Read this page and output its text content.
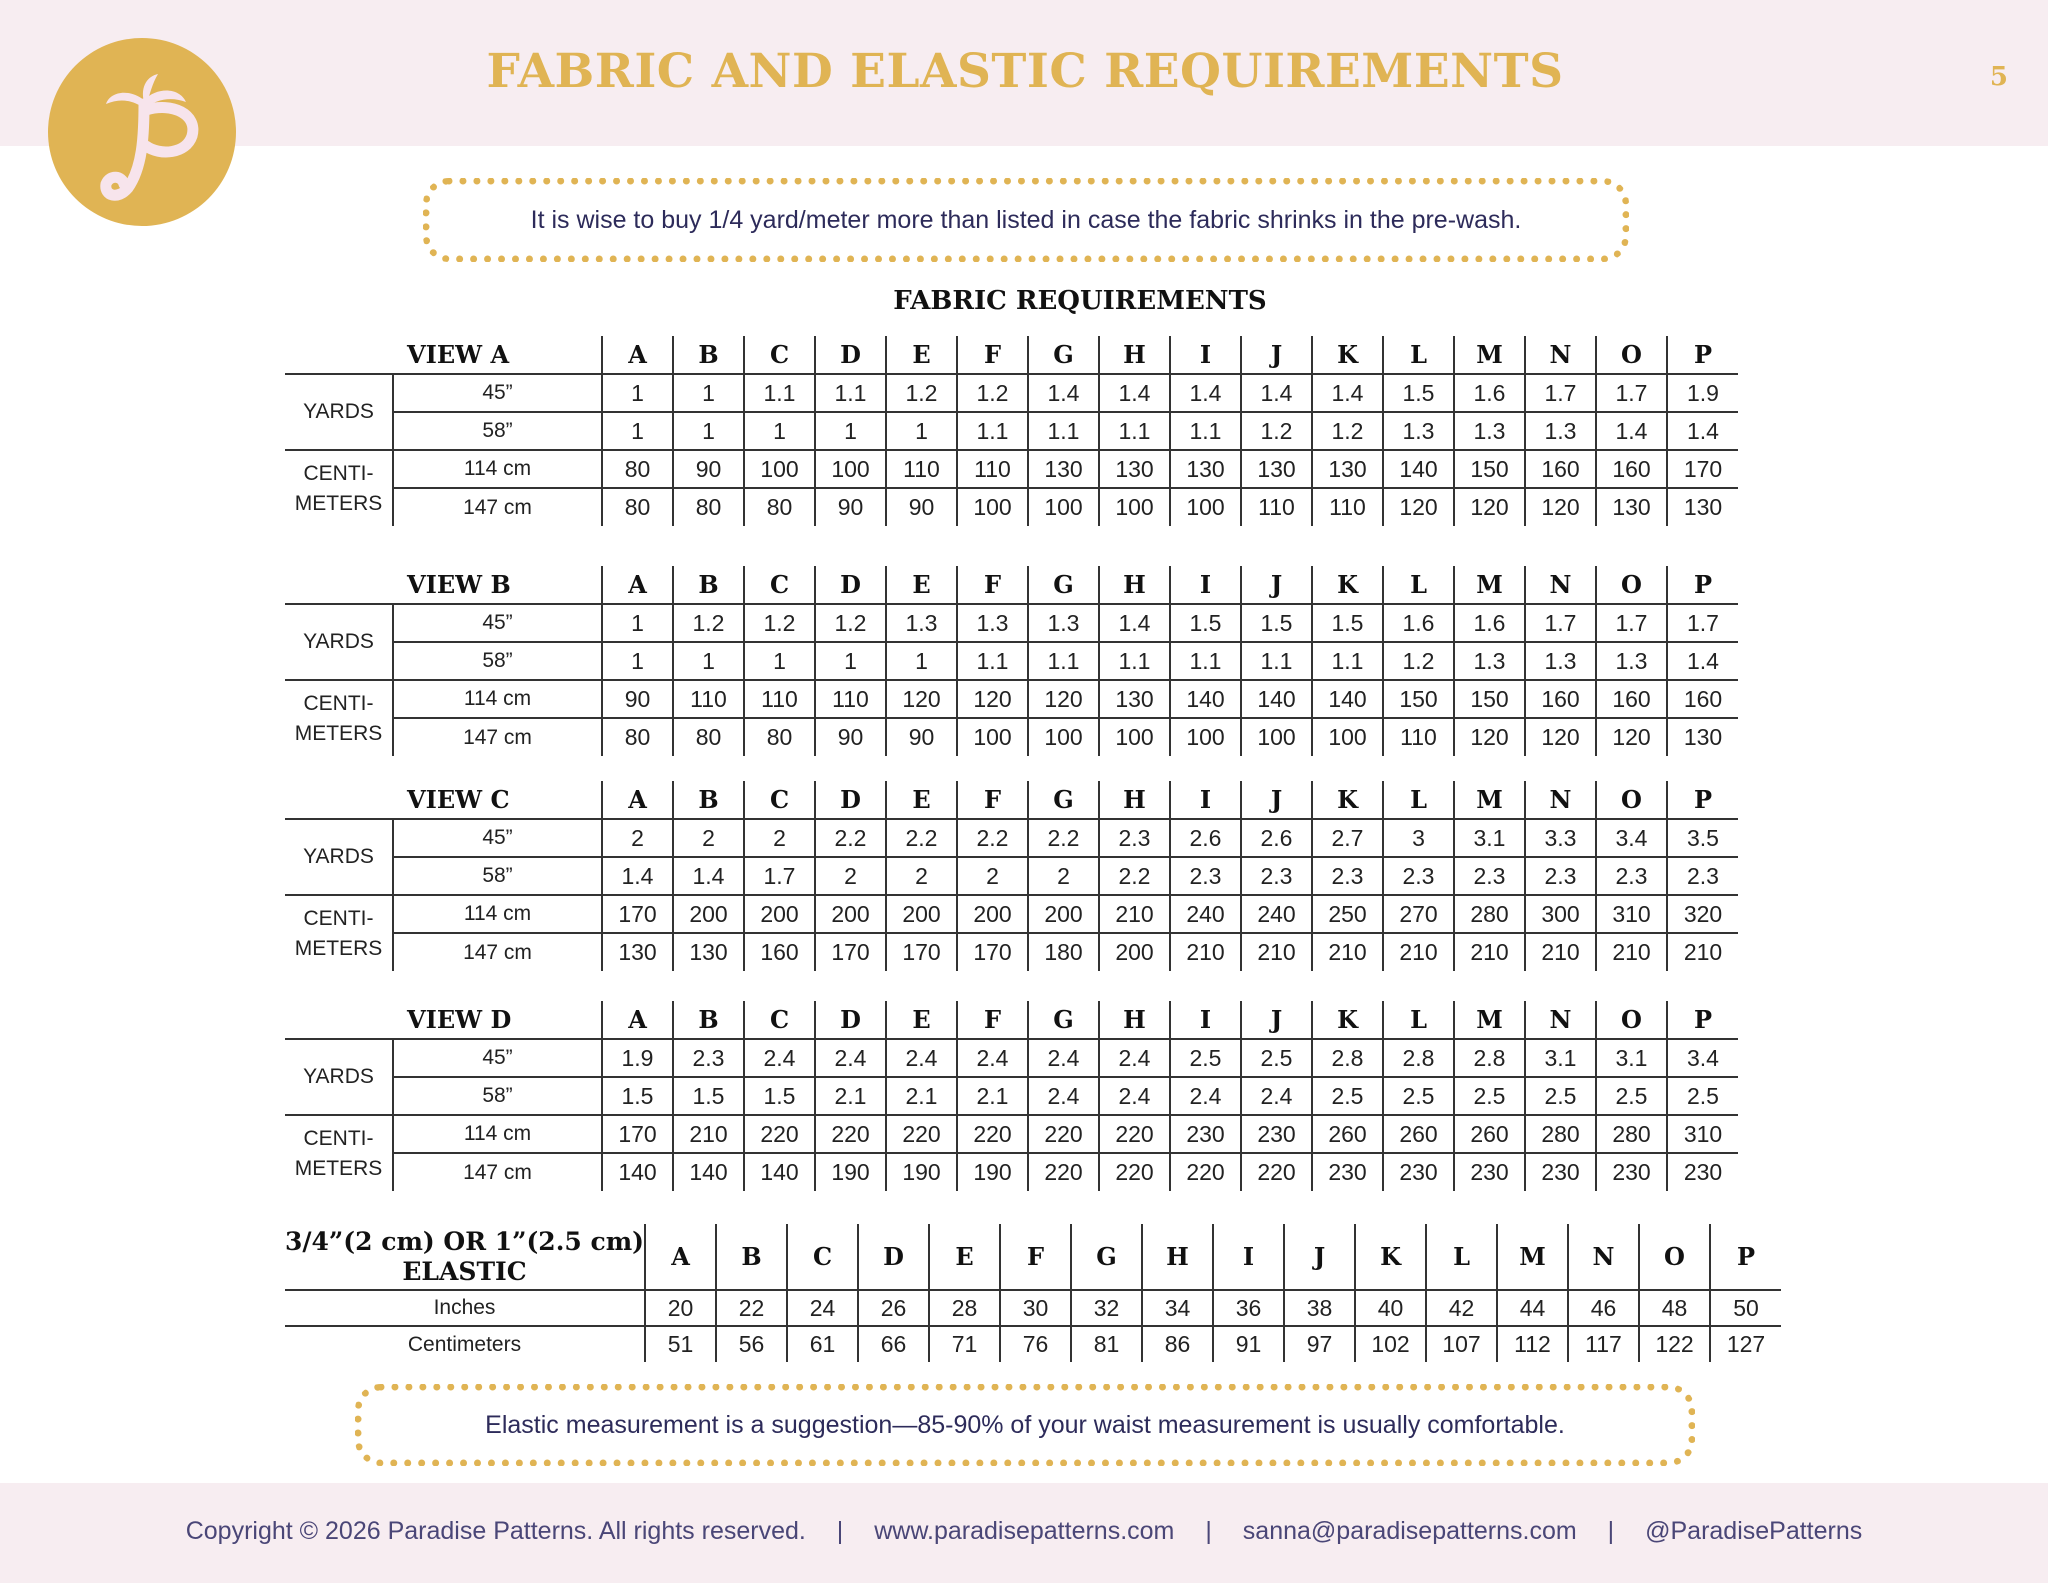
FABRIC AND ELASTIC REQUIREMENTS	5
It is wise to buy 1/4 yard/meter more than listed in case the fabric shrinks in the pre-wash.
FABRIC REQUIREMENTS
VIEW A		A	B	C	D	E	F	G	H	I	J	K	L	M	N	O	P
YARDS	45”	1	1	1.1	1.1	1.2	1.2	1.4	1.4	1.4	1.4	1.4	1.5	1.6	1.7	1.7	1.9
	58”	1	1	1	1	1	1.1	1.1	1.1	1.1	1.2	1.2	1.3	1.3	1.3	1.4	1.4

CENTI-
METERS	114 cm	80	90	100	100	110	110	130	130	130	130	130	140	150	160	160	170
	147 cm	80	80	80	90	90	100	100	100	100	110	110	120	120	120	130	130
VIEW B		A	B	C	D	E	F	G	H	I	J	K	L	M	N	O	P
YARDS	45”	1	1.2	1.2	1.2	1.3	1.3	1.3	1.4	1.5	1.5	1.5	1.6	1.6	1.7	1.7	1.7
	58”	1	1	1	1	1	1.1	1.1	1.1	1.1	1.1	1.1	1.2	1.3	1.3	1.3	1.4

CENTI-
METERS	114 cm	90	110	110	110	120	120	120	130	140	140	140	150	150	160	160	160
	147 cm	80	80	80	90	90	100	100	100	100	100	100	110	120	120	120	130
VIEW C		A	B	C	D	E	F	G	H	I	J	K	L	M	N	O	P
YARDS	45”	2	2	2	2.2	2.2	2.2	2.2	2.3	2.6	2.6	2.7	3	3.1	3.3	3.4	3.5
	58”	1.4	1.4	1.7	2	2	2	2	2.2	2.3	2.3	2.3	2.3	2.3	2.3	2.3	2.3

CENTI-
METERS	114 cm	170	200	200	200	200	200	200	210	240	240	250	270	280	300	310	320
	147 cm	130	130	160	170	170	170	180	200	210	210	210	210	210	210	210	210
VIEW D		A	B	C	D	E	F	G	H	I	J	K	L	M	N	O	P
YARDS	45”	1.9	2.3	2.4	2.4	2.4	2.4	2.4	2.4	2.5	2.5	2.8	2.8	2.8	3.1	3.1	3.4
	58”	1.5	1.5	1.5	2.1	2.1	2.1	2.4	2.4	2.4	2.4	2.5	2.5	2.5	2.5	2.5	2.5

CENTI-
METERS	114 cm	170	210	220	220	220	220	220	220	230	230	260	260	260	280	280	310
	147 cm	140	140	140	190	190	190	220	220	220	220	230	230	230	230	230	230
3/4”(2 cm) OR 1”(2.5 cm)
ELASTIC	A	B	C	D	E	F	G	H	I	J	K	L	M	N	O	P
Inches	20	22	24	26	28	30	32	34	36	38	40	42	44	46	48	50
Centimeters	51	56	61	66	71	76	81	86	91	97	102	107	112	117	122	127
Elastic measurement is a suggestion—85-90% of your waist measurement is usually comfortable.
Copyright © 2026 Paradise Patterns. All rights reserved. | www.paradisepatterns.com | sanna@paradisepatterns.com | @ParadisePatterns
